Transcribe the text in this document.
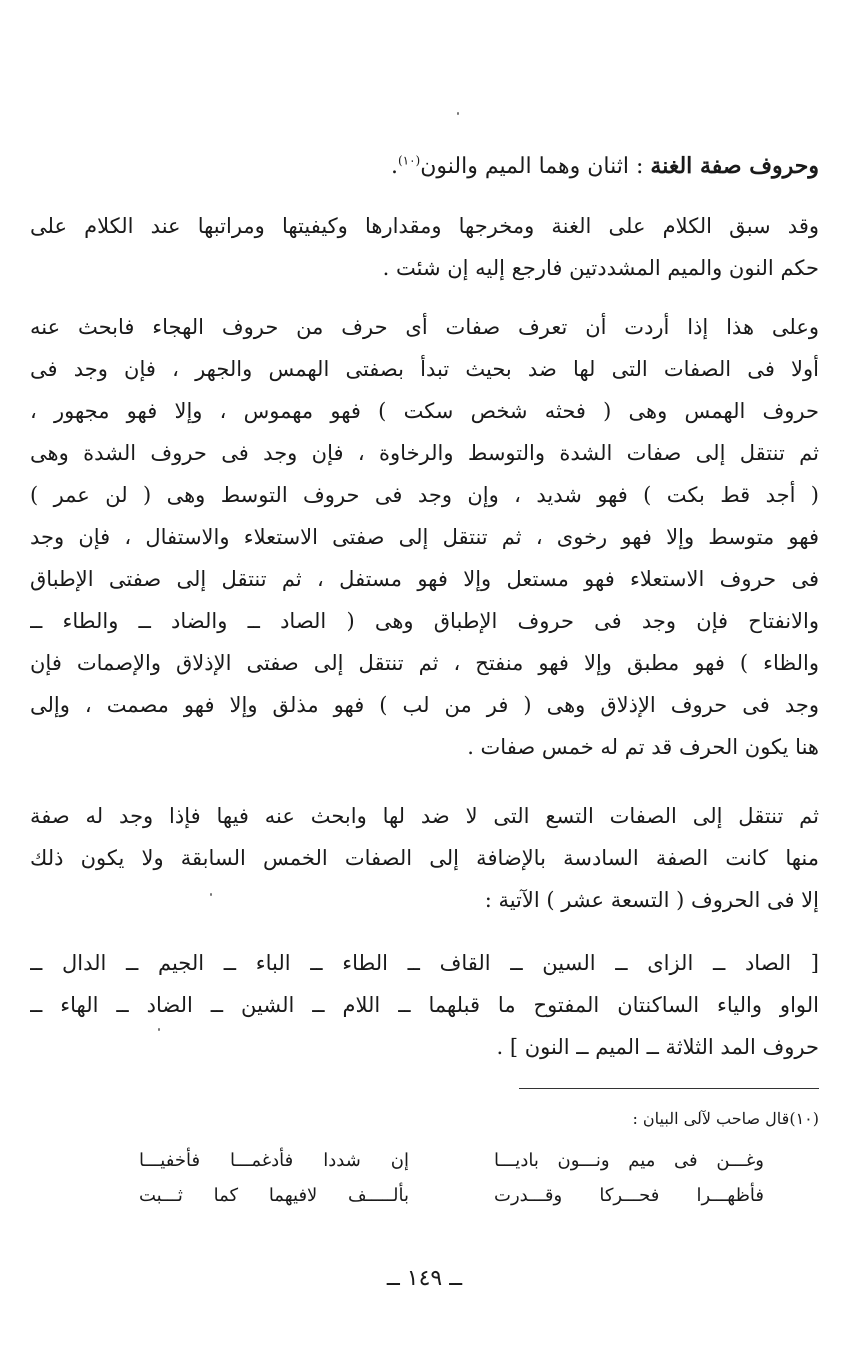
وحروف صفة الغنة : اثنان وهما الميم والنون$^{(١٠)}$.
وقد سبق الكلام على الغنة ومخرجها ومقدارها وكيفيتها ومراتبها عند الكلام على
حكم النون والميم المشددتين فارجع إليه إن شئت .
وعلى هذا إذا أردت أن تعرف صفات أى حرف من حروف الهجاء فابحث عنه
أولا فى الصفات التى لها ضد بحيث تبدأ بصفتى الهمس والجهر ، فإن وجد فى
حروف الهمس وهى ( فحثه شخص سكت ) فهو مهموس ، وإلا فهو مجهور ،
ثم تنتقل إلى صفات الشدة والتوسط والرخاوة ، فإن وجد فى حروف الشدة وهى
( أجد قط بكت ) فهو شديد ، وإن وجد فى حروف التوسط وهى ( لن عمر )
فهو متوسط وإلا فهو رخوى ، ثم تنتقل إلى صفتى الاستعلاء والاستفال ، فإن وجد
فى حروف الاستعلاء فهو مستعل وإلا فهو مستفل ، ثم تنتقل إلى صفتى الإطباق
والانفتاح فإن وجد فى حروف الإطباق وهى ( الصاد ــ والضاد ــ والطاء ــ
والظاء ) فهو مطبق وإلا فهو منفتح ، ثم تنتقل إلى صفتى الإذلاق والإصمات فإن
وجد فى حروف الإذلاق وهى ( فر من لب ) فهو مذلق وإلا فهو مصمت ، وإلى
هنا يكون الحرف قد تم له خمس صفات .
ثم تنتقل إلى الصفات التسع التى لا ضد لها وابحث عنه فيها فإذا وجد له صفة
منها كانت الصفة السادسة بالإضافة إلى الصفات الخمس السابقة ولا يكون ذلك
إلا فى الحروف ( التسعة عشر ) الآتية :
[ الصاد ــ الزاى ــ السين ــ القاف ــ الطاء ــ الباء ــ الجيم ــ الدال ــ
الواو والياء الساكنتان المفتوح ما قبلهما ــ اللام ــ الشين ــ الضاد ــ الهاء ــ
حروف المد الثلاثة ــ الميم ــ النون ] .
(١٠)قال صاحب لآلى البيان :
وغـــن فى ميم ونـــون باديـــا
إن شددا فأدغمـــا فأخفيـــا
فأظهـــرا فحـــركا وقـــدرت
بألـــــف لافيهما كما ثـــبت
ــ ١٤٩ ــ
